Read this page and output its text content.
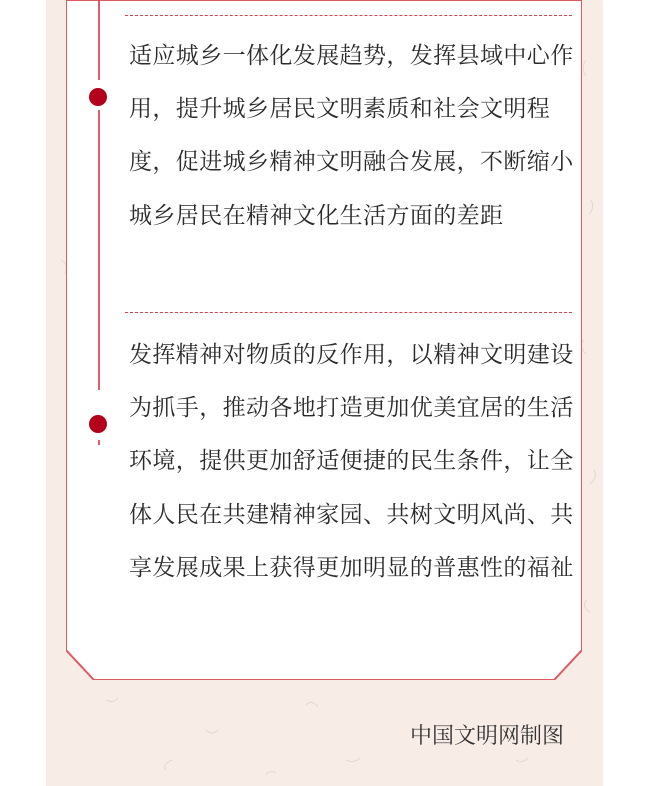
适应城乡一体化发展趋势，发挥县域中心作用，提升城乡居民文明素质和社会文明程度，促进城乡精神文明融合发展，不断缩小城乡居民在精神文化生活方面的差距

发挥精神对物质的反作用，以精神文明建设为抓手，推动各地打造更加优美宜居的生活环境，提供更加舒适便捷的民生条件，让全体人民在共建精神家园、共树文明风尚、共享发展成果上获得更加明显的普惠性的福祉

中国文明网制图
